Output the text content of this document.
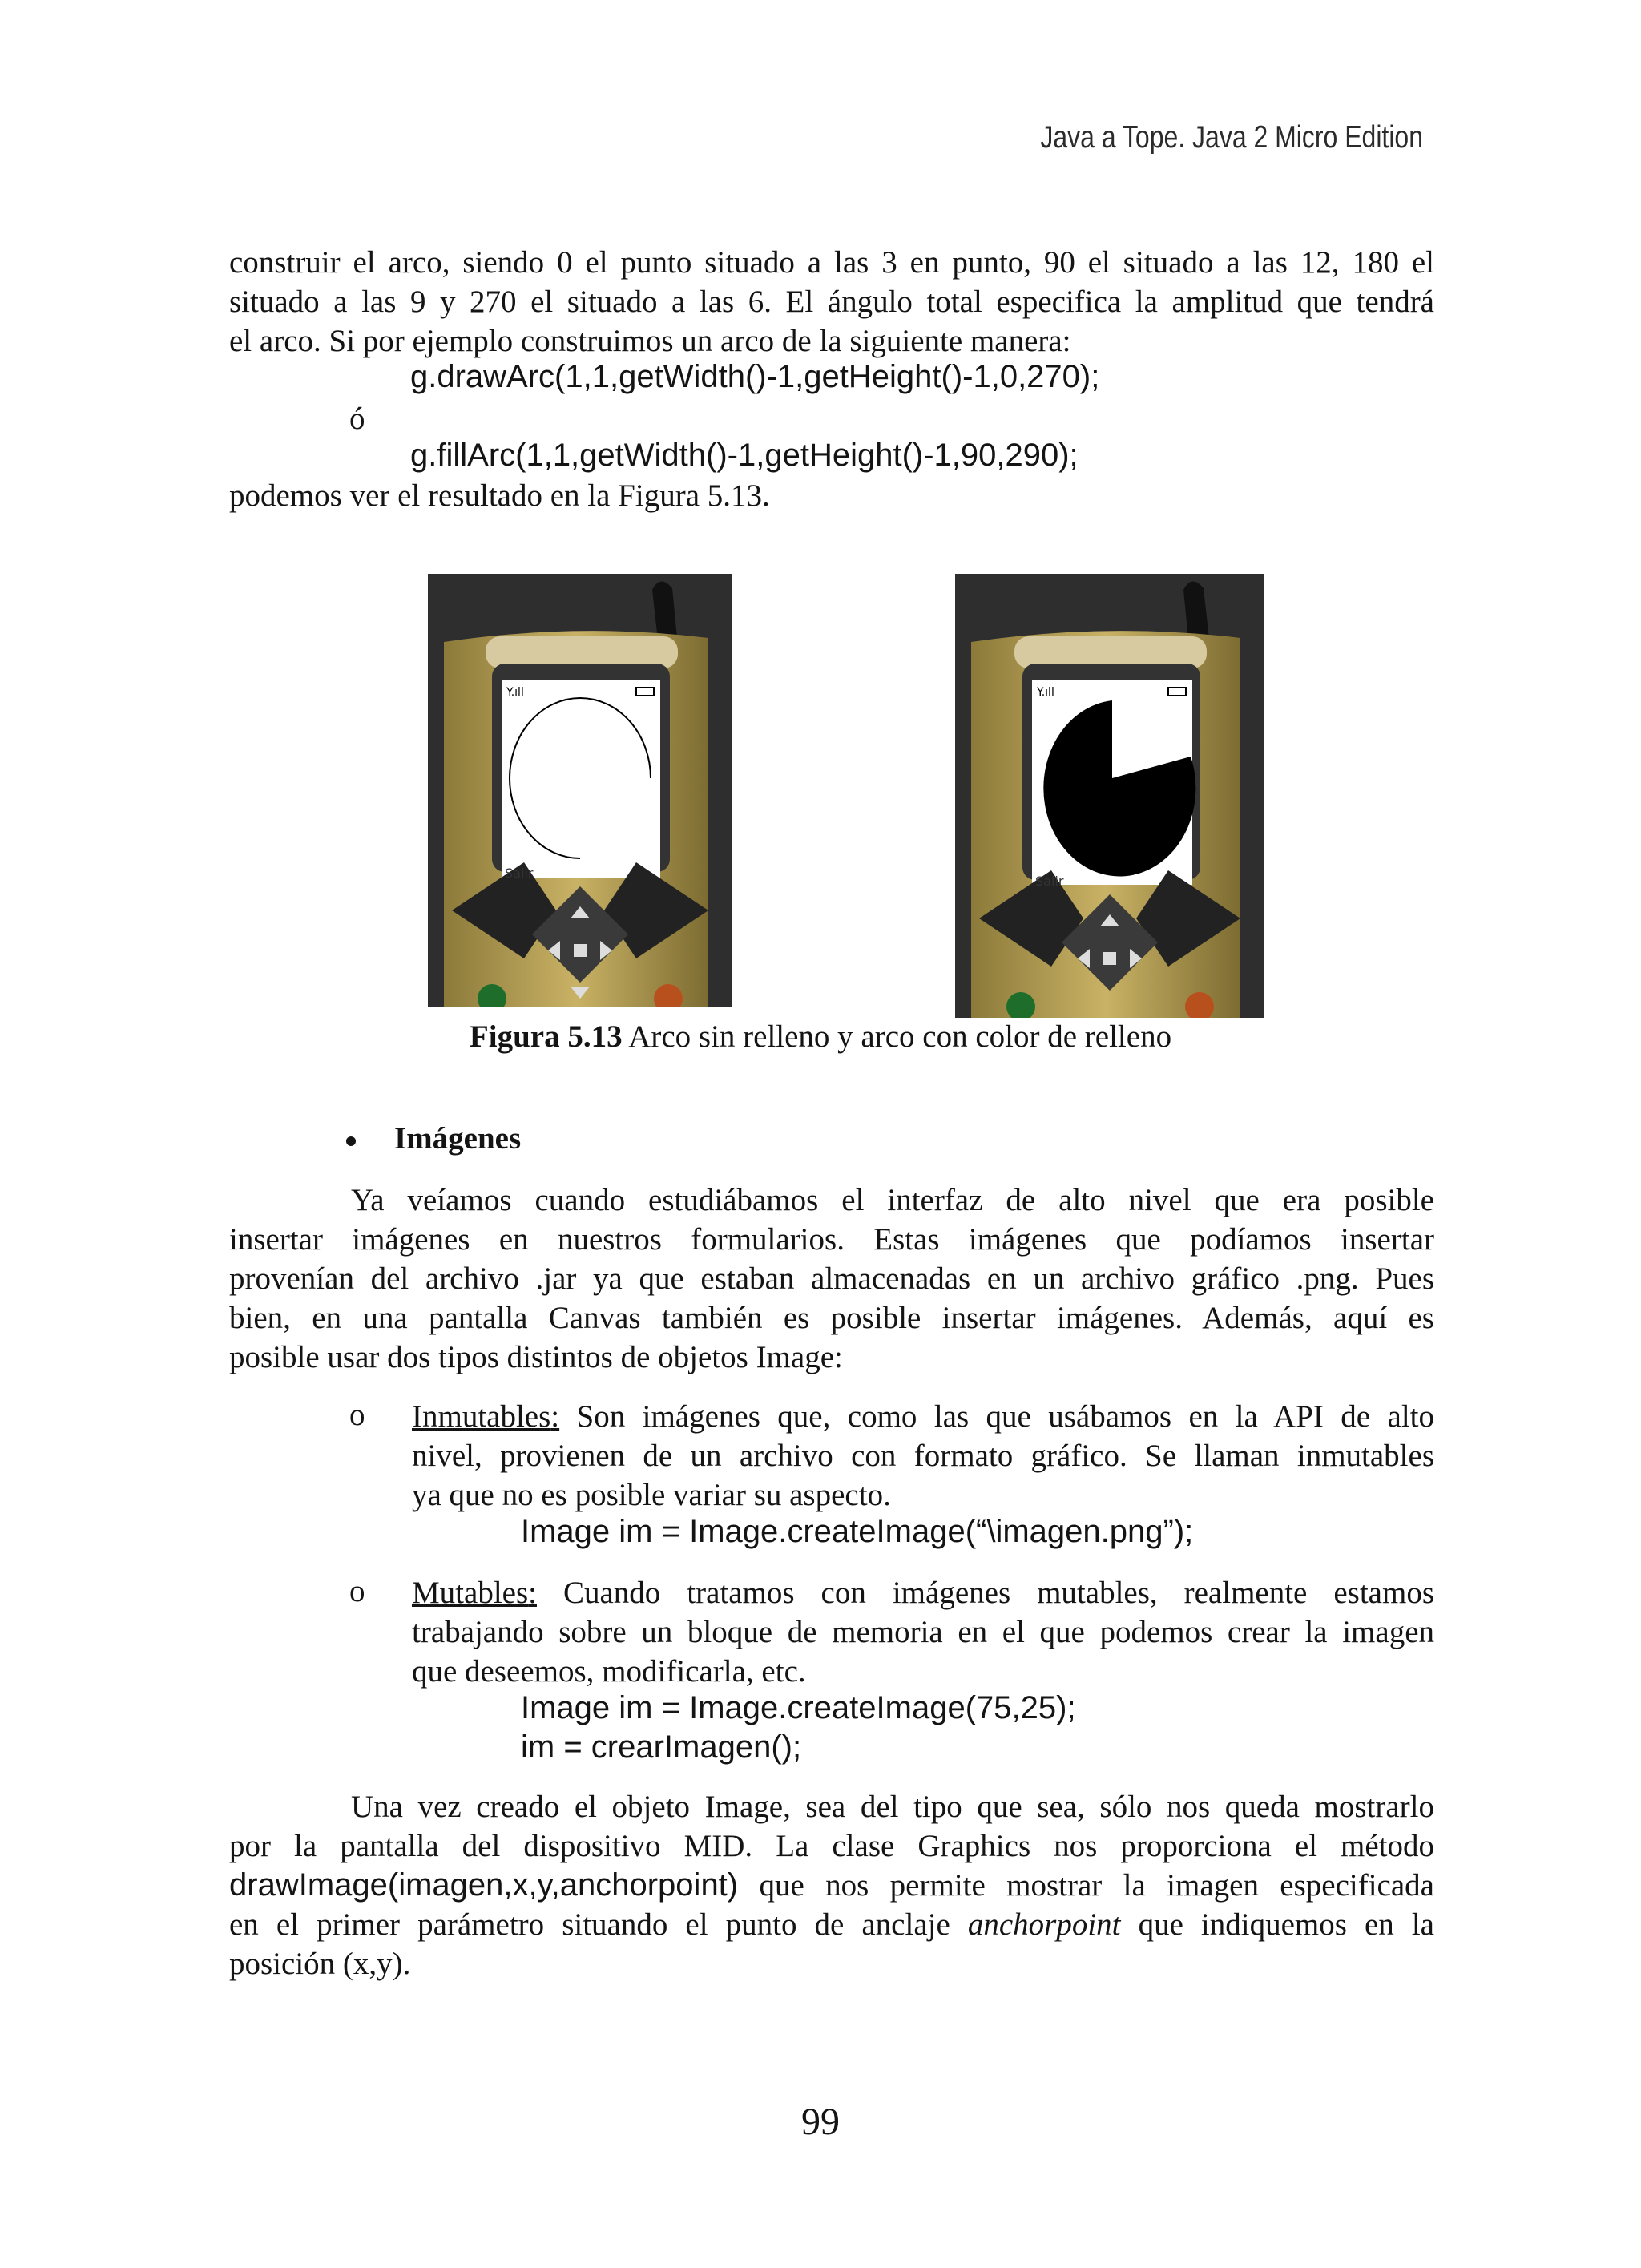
Java a Tope. Java 2 Micro Edition
construir el arco, siendo 0 el punto situado a las 3 en punto, 90 el situado a las 12, 180 el
situado a las 9 y 270 el situado a las 6. El ángulo total especifica la amplitud que tendrá
el arco. Si por ejemplo construimos un arco de la siguiente manera:
g.drawArc(1,1,getWidth()-1,getHeight()-1,0,270);
ó
g.fillArc(1,1,getWidth()-1,getHeight()-1,90,290);
podemos ver el resultado en la Figura 5.13.
Y.ıll
Salir
Y.ıll
Salir
Figura 5.13 Arco sin relleno y arco con color de relleno
Imágenes
Ya veíamos cuando estudiábamos el interfaz de alto nivel que era posible
insertar imágenes en nuestros formularios. Estas imágenes que podíamos insertar
provenían del archivo .jar ya que estaban almacenadas en un archivo gráfico .png. Pues
bien, en una pantalla Canvas también es posible insertar imágenes. Además, aquí es
posible usar dos tipos distintos de objetos Image:
o Inmutables: Son imágenes que, como las que usábamos en la API de alto
nivel, provienen de un archivo con formato gráfico. Se llaman inmutables
ya que no es posible variar su aspecto.
Image im = Image.createImage(“\imagen.png”);
o Mutables: Cuando tratamos con imágenes mutables, realmente estamos
trabajando sobre un bloque de memoria en el que podemos crear la imagen
que deseemos, modificarla, etc.
Image im = Image.createImage(75,25);
im = crearImagen();
Una vez creado el objeto Image, sea del tipo que sea, sólo nos queda mostrarlo
por la pantalla del dispositivo MID. La clase Graphics nos proporciona el método
drawImage(imagen,x,y,anchorpoint) que nos permite mostrar la imagen especificada
en el primer parámetro situando el punto de anclaje anchorpoint que indiquemos en la
posición (x,y).
99
